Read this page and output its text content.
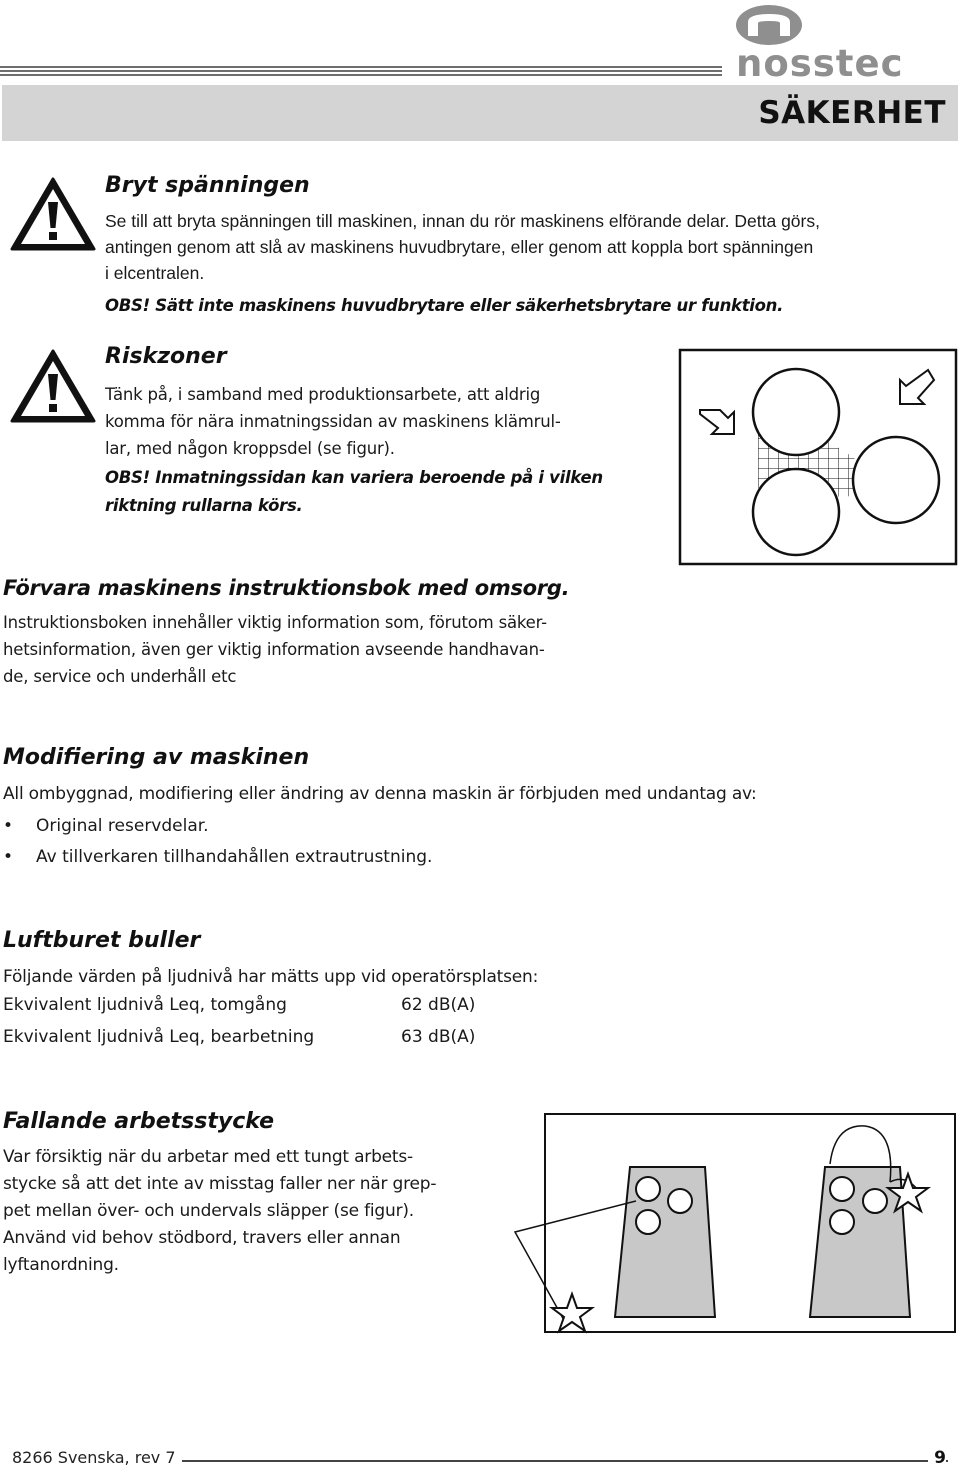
nosstec
SÄKERHET
Bryt spänningen
Se till att bryta spänningen till maskinen, innan du rör maskinens elförande delar. Detta görs,
antingen genom att slå av maskinens huvudbrytare, eller genom att koppla bort spänningen
i elcentralen.
OBS! Sätt inte maskinens huvudbrytare eller säkerhetsbrytare ur funktion.
Riskzoner
Tänk på, i samband med produktionsarbete, att aldrig
komma för nära inmatningssidan av maskinens klämrul-
lar, med någon kroppsdel (se figur).
OBS! Inmatningssidan kan variera beroende på i vilken
riktning rullarna körs.
Förvara maskinens instruktionsbok med omsorg.
Instruktionsboken innehåller viktig information som, förutom säker-
hetsinformation, även ger viktig information avseende handhavan-
de, service och underhåll etc
Modifiering av maskinen
All ombyggnad, modifiering eller ändring av denna maskin är förbjuden med undantag av:
• Original reservdelar.
• Av tillverkaren tillhandahållen extrautrustning.
Luftburet buller
Följande värden på ljudnivå har mätts upp vid operatörsplatsen:
Ekvivalent ljudnivå Leq, tomgång	62 dB(A)
Ekvivalent ljudnivå Leq, bearbetning	63 dB(A)
Fallande arbetsstycke
Var försiktig när du arbetar med ett tungt arbets-
stycke så att det inte av misstag faller ner när grep-
pet mellan över- och undervals släpper (se figur).
Använd vid behov stödbord, travers eller annan
lyftanordning.
8266 Svenska, rev 7	9
